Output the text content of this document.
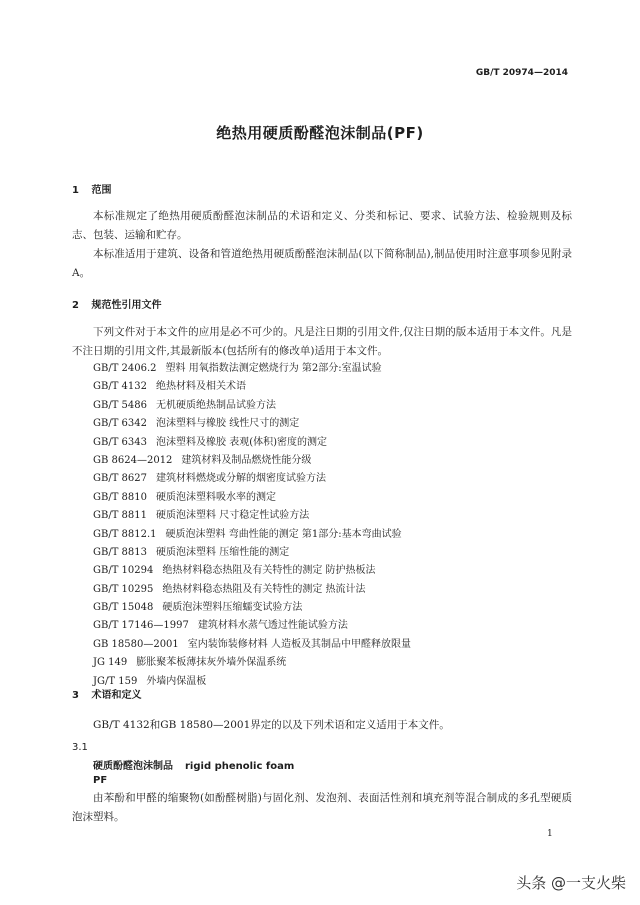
GB/T 20974—2014
绝热用硬质酚醛泡沫制品(PF)
1 范围

本标准规定了绝热用硬质酚醛泡沫制品的术语和定义、分类和标记、要求、试验方法、检验规则及标志、包装、运输和贮存。

本标准适用于建筑、设备和管道绝热用硬质酚醛泡沫制品(以下简称制品),制品使用时注意事项参见附录A。

2 规范性引用文件

下列文件对于本文件的应用是必不可少的。凡是注日期的引用文件,仅注日期的版本适用于本文件。凡是不注日期的引用文件,其最新版本(包括所有的修改单)适用于本文件。

GB/T 2406.2 塑料 用氧指数法测定燃烧行为 第2部分:室温试验
GB/T 4132 绝热材料及相关术语
GB/T 5486 无机硬质绝热制品试验方法
GB/T 6342 泡沫塑料与橡胶 线性尺寸的测定
GB/T 6343 泡沫塑料及橡胶 表观(体积)密度的测定
GB 8624—2012 建筑材料及制品燃烧性能分级
GB/T 8627 建筑材料燃烧或分解的烟密度试验方法
GB/T 8810 硬质泡沫塑料吸水率的测定
GB/T 8811 硬质泡沫塑料 尺寸稳定性试验方法
GB/T 8812.1 硬质泡沫塑料 弯曲性能的测定 第1部分:基本弯曲试验
GB/T 8813 硬质泡沫塑料 压缩性能的测定
GB/T 10294 绝热材料稳态热阻及有关特性的测定 防护热板法
GB/T 10295 绝热材料稳态热阻及有关特性的测定 热流计法
GB/T 15048 硬质泡沫塑料压缩蠕变试验方法
GB/T 17146—1997 建筑材料水蒸气透过性能试验方法
GB 18580—2001 室内装饰装修材料 人造板及其制品中甲醛释放限量
JG 149 膨胀聚苯板薄抹灰外墙外保温系统
JG/T 159 外墙内保温板
3 术语和定义

GB/T 4132和GB 18580—2001界定的以及下列术语和定义适用于本文件。

3.1
硬质酚醛泡沫制品 rigid phenolic foam
PF

由苯酚和甲醛的缩聚物(如酚醛树脂)与固化剂、发泡剂、表面活性剂和填充剂等混合制成的多孔型硬质泡沫塑料。

1
头条 @一支火柴
